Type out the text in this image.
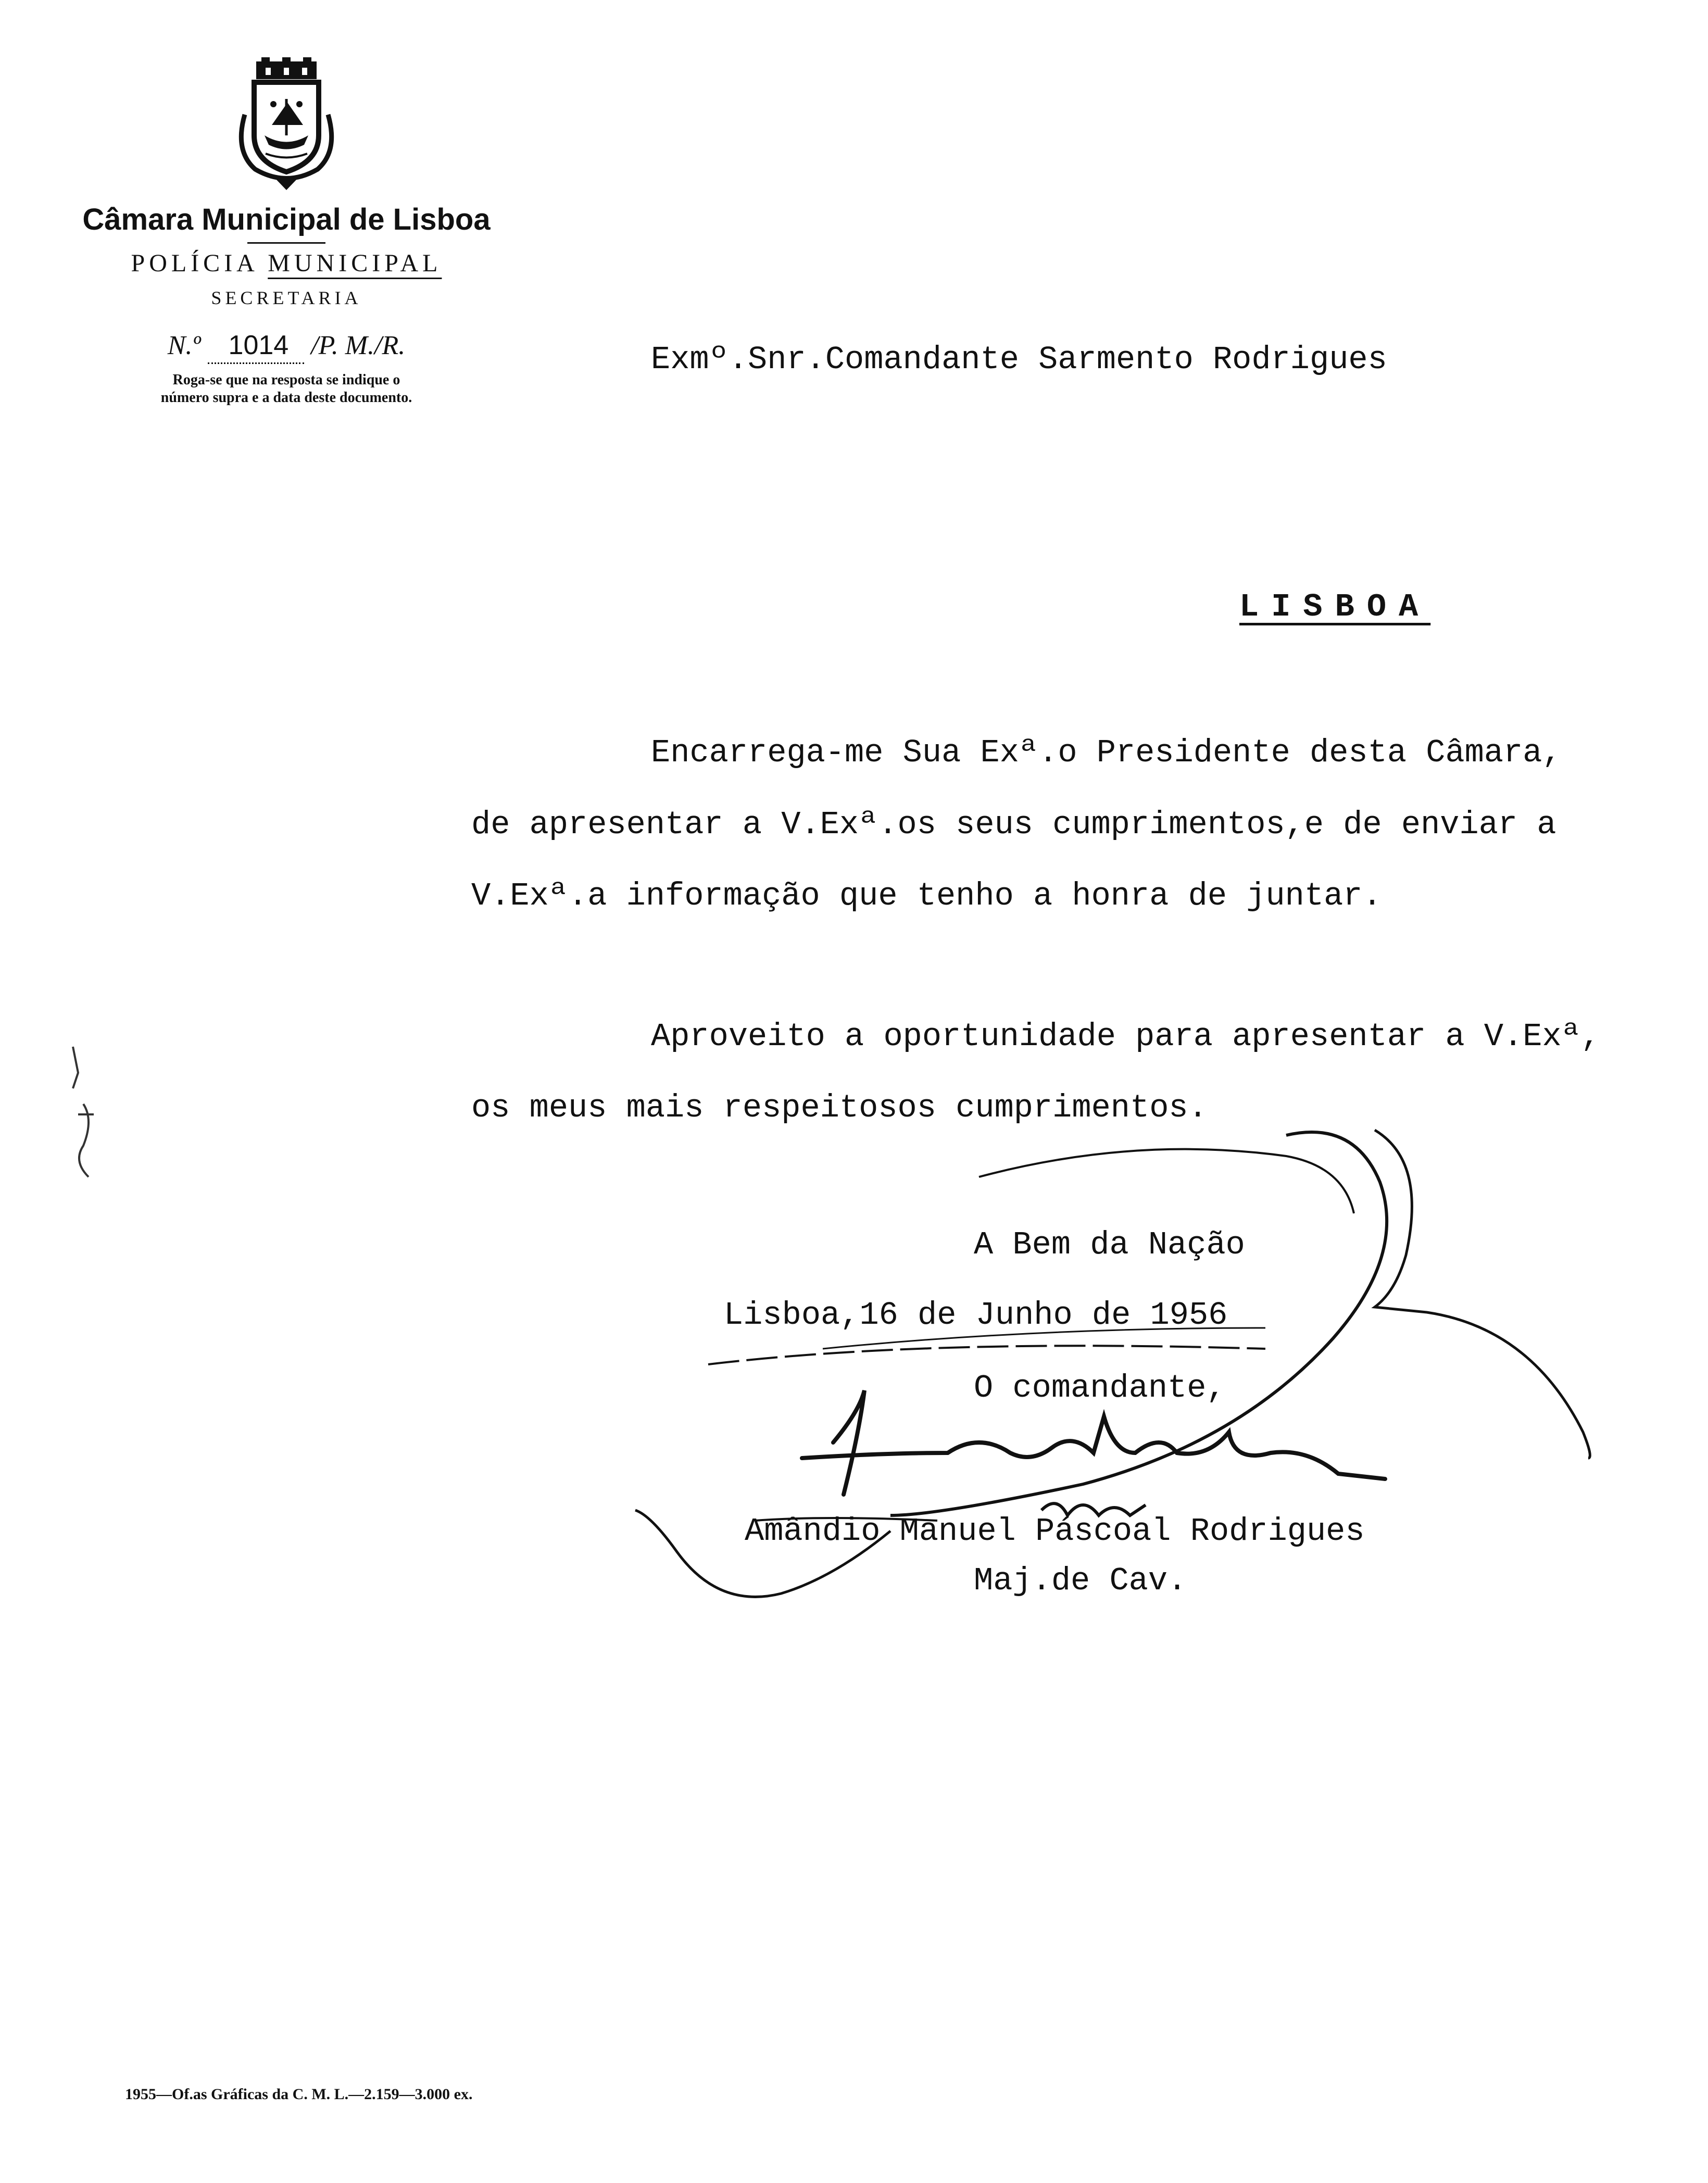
Câmara Municipal de Lisboa
POLÍCIA MUNICIPAL
SECRETARIA
N.º 1014 /P. M./R.
Roga-se que na resposta se indique o
número supra e a data deste documento.
Exmº.Snr.Comandante Sarmento Rodrigues
LISBOA
Encarrega-me Sua Exª.o Presidente desta Câmara,
de apresentar a V.Exª.os seus cumprimentos,e de enviar a
V.Exª.a informação que tenho a honra de juntar.
Aproveito a oportunidade para apresentar a V.Exª,
os meus mais respeitosos cumprimentos.
A Bem da Nação
Lisboa,16 de Junho de 1956
O comandante,
Amândio Manuel Páscoal Rodrigues
Maj.de Cav.
1955—Of.as Gráficas da C. M. L.—2.159—3.000 ex.
